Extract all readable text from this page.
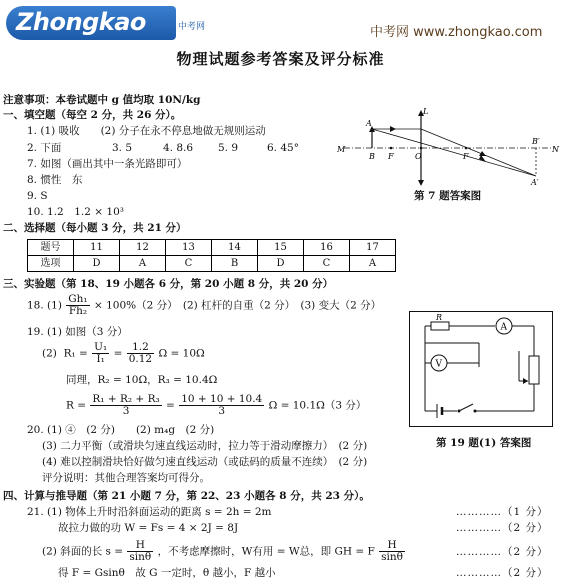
Zhongkao	中考网	中考网 www.zhongkao.com
物理试题参考答案及评分标准
注意事项：本卷试题中 g 值均取 10N/kg
一、填空题（每空 2 分，共 26 分）。
1. (1) 吸收　　(2) 分子在永不停息地做无规则运动
2. 下面	3. 5	4. 8.6 5. 9	6. 45°
7. 如图（画出其中一条光路即可）
8. 惯性　东
9. S
10. 1.2　1.2 × 10³
L
M
B F	O	F
N
B′
A
A′
第 7 题答案图
二、选择题（每小题 3 分，共 21 分）
题号	11	12	13	14	15	16	17
选项	D	A	C	B	D	C	A
三、实验题（第 18、19 小题各 6 分，第 20 小题 8 分，共 20 分）
18. $(1) \frac{\text{Gh₁}}{\text{Fh₂}} \times 100\%(2$ 分）　(2) 杠杆的自重（2 分）　(3) 变大（2 分）
19. (1) 如图（3 分）
(2) $R_1 = \frac{\text{U₁}}{\text{I₁}} = \frac{1.2}{0.12}$ Ω = 10Ω
同理，R₂ = 10Ω，R₃ = 10.4Ω
$R = \frac{\text{R₁ + R₂ + R₃}}{3} = \frac{10 + 10 + 10.4}{3}$ Ω = 10.1Ω（3 分）
20. (1) ④　(2 分)　　(2) m₄g　(2 分)
(3) 二力平衡（或滑块匀速直线运动时，拉力等于滑动摩擦力）　(2 分)
(4) 难以控制滑块恰好做匀速直线运动（或砝码的质量不连续）　(2 分)
评分说明：其他合理答案均可得分。
R
A
V
第 19 题(1) 答案图
四、计算与推导题（第 21 小题 7 分，第 22、23 小题各 8 分，共 23 分）。
21. (1) 物体上升时沿斜面运动的距离 s = 2h = 2m	…………（1 分）
故拉力做的功 W = Fs = 4 × 2J = 8J	…………（2 分）
(2) 斜面的长 $s = \frac{H}{\sin\theta}$ ，不考虑摩擦时，W有用 = W总，即 GH = F $\frac{H}{\sin\theta}$	…………（2 分）
得 F = Gsinθ　故 G 一定时，θ 越小，F 越小	…………（2 分）
